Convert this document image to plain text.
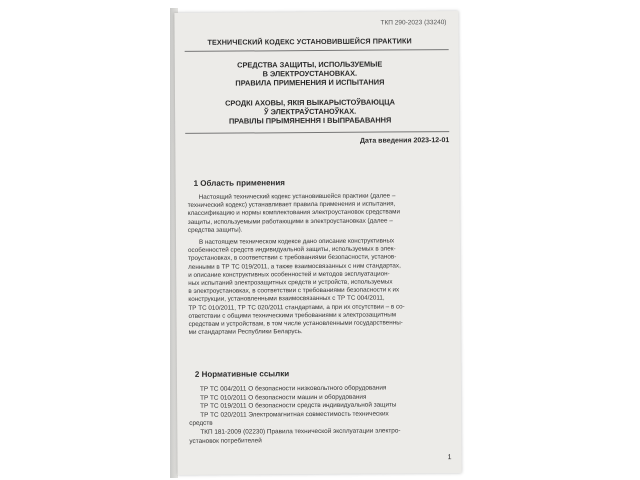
ТКП 290-2023 (33240)
ТЕХНИЧЕСКИЙ КОДЕКС УСТАНОВИВШЕЙСЯ ПРАКТИКИ
СРЕДСТВА ЗАЩИТЫ, ИСПОЛЬЗУЕМЫЕ
В ЭЛЕКТРОУСТАНОВКАХ.
ПРАВИЛА ПРИМЕНЕНИЯ И ИСПЫТАНИЯ
СРОДКІ АХОВЫ, ЯКІЯ ВЫКАРЫСТОЎВАЮЦЦА
Ў ЭЛЕКТРАЎСТАНОЎКАХ.
ПРАВІЛЫ ПРЫМЯНЕННЯ І ВЫПРАБАВАННЯ
Дата введения 2023-12-01
1 Область применения
Настоящий технический кодекс установившейся практики (далее –
технический кодекс) устанавливает правила применения и испытания,
классификацию и нормы комплектования электроустановок средствами
защиты, используемыми работающими в электроустановках (далее –
средства защиты).
В настоящем техническом кодексе дано описание конструктивных
особенностей средств индивидуальной защиты, используемых в элек-
троустановках, в соответствии с требованиями безопасности, установ-
ленными в ТР ТС 019/2011, а также взаимосвязанных с ним стандартах,
и описание конструктивных особенностей и методов эксплуатацион-
ных испытаний электрозащитных средств и устройств, используемых
в электроустановках, в соответствии с требованиями безопасности к их
конструкции, установленными взаимосвязанных с ТР ТС 004/2011,
ТР ТС 010/2011, ТР ТС 020/2011 стандартами, а при их отсутствии – в со-
ответствии с общими техническими требованиями к электрозащитным
средствам и устройствам, в том числе установленными государственны-
ми стандартами Республики Беларусь.
2 Нормативные ссылки
ТР ТС 004/2011 О безопасности низковольтного оборудования
ТР ТС 010/2011 О безопасности машин и оборудования
ТР ТС 019/2011 О безопасности средств индивидуальной защиты
ТР ТС 020/2011 Электромагнитная совместимость технических
средств
ТКП 181-2009 (02230) Правила технической эксплуатации электро-
установок потребителей
1
